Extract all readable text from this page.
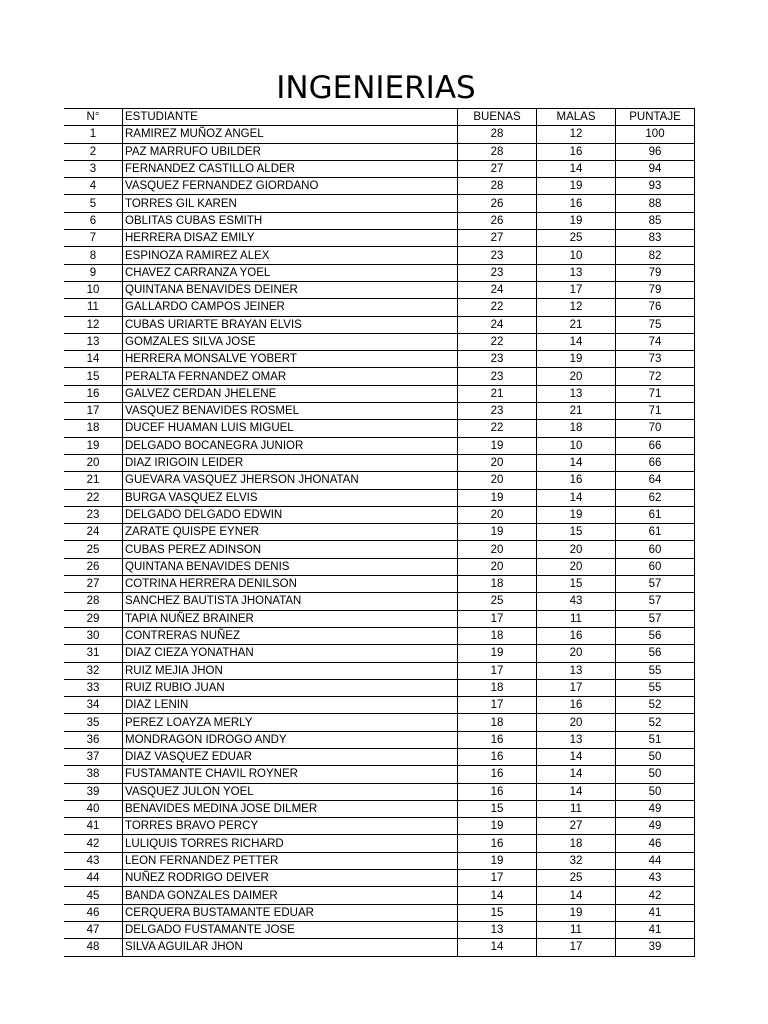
INGENIERIAS
N°	ESTUDIANTE	BUENAS	MALAS	PUNTAJE
1	RAMIREZ MUÑOZ ANGEL	28	12	100
2	PAZ MARRUFO UBILDER	28	16	96
3	FERNANDEZ CASTILLO ALDER	27	14	94
4	VASQUEZ FERNANDEZ GIORDANO	28	19	93
5	TORRES GIL KAREN	26	16	88
6	OBLITAS CUBAS ESMITH	26	19	85
7	HERRERA DISAZ EMILY	27	25	83
8	ESPINOZA RAMIREZ ALEX	23	10	82
9	CHAVEZ CARRANZA YOEL	23	13	79
10	QUINTANA BENAVIDES DEINER	24	17	79
11	GALLARDO CAMPOS JEINER	22	12	76
12	CUBAS URIARTE BRAYAN ELVIS	24	21	75
13	GOMZALES SILVA JOSE	22	14	74
14	HERRERA MONSALVE YOBERT	23	19	73
15	PERALTA FERNANDEZ OMAR	23	20	72
16	GALVEZ CERDAN JHELENE	21	13	71
17	VASQUEZ BENAVIDES ROSMEL	23	21	71
18	DUCEF HUAMAN LUIS MIGUEL	22	18	70
19	DELGADO BOCANEGRA JUNIOR	19	10	66
20	DIAZ IRIGOIN LEIDER	20	14	66
21	GUEVARA VASQUEZ JHERSON JHONATAN	20	16	64
22	BURGA VASQUEZ ELVIS	19	14	62
23	DELGADO DELGADO EDWIN	20	19	61
24	ZARATE QUISPE EYNER	19	15	61
25	CUBAS PEREZ ADINSON	20	20	60
26	QUINTANA BENAVIDES DENIS	20	20	60
27	COTRINA HERRERA DENILSON	18	15	57
28	SANCHEZ BAUTISTA JHONATAN	25	43	57
29	TAPIA NUÑEZ BRAINER	17	11	57
30	CONTRERAS NUÑEZ	18	16	56
31	DIAZ CIEZA YONATHAN	19	20	56
32	RUIZ MEJIA JHON	17	13	55
33	RUIZ RUBIO JUAN	18	17	55
34	DIAZ LENIN	17	16	52
35	PEREZ LOAYZA MERLY	18	20	52
36	MONDRAGON IDROGO ANDY	16	13	51
37	DIAZ VASQUEZ EDUAR	16	14	50
38	FUSTAMANTE CHAVIL ROYNER	16	14	50
39	VASQUEZ JULON YOEL	16	14	50
40	BENAVIDES MEDINA JOSE DILMER	15	11	49
41	TORRES BRAVO PERCY	19	27	49
42	LULIQUIS TORRES RICHARD	16	18	46
43	LEON FERNANDEZ PETTER	19	32	44
44	NUÑEZ RODRIGO DEIVER	17	25	43
45	BANDA GONZALES DAIMER	14	14	42
46	CERQUERA BUSTAMANTE EDUAR	15	19	41
47	DELGADO FUSTAMANTE JOSE	13	11	41
48	SILVA AGUILAR JHON	14	17	39
